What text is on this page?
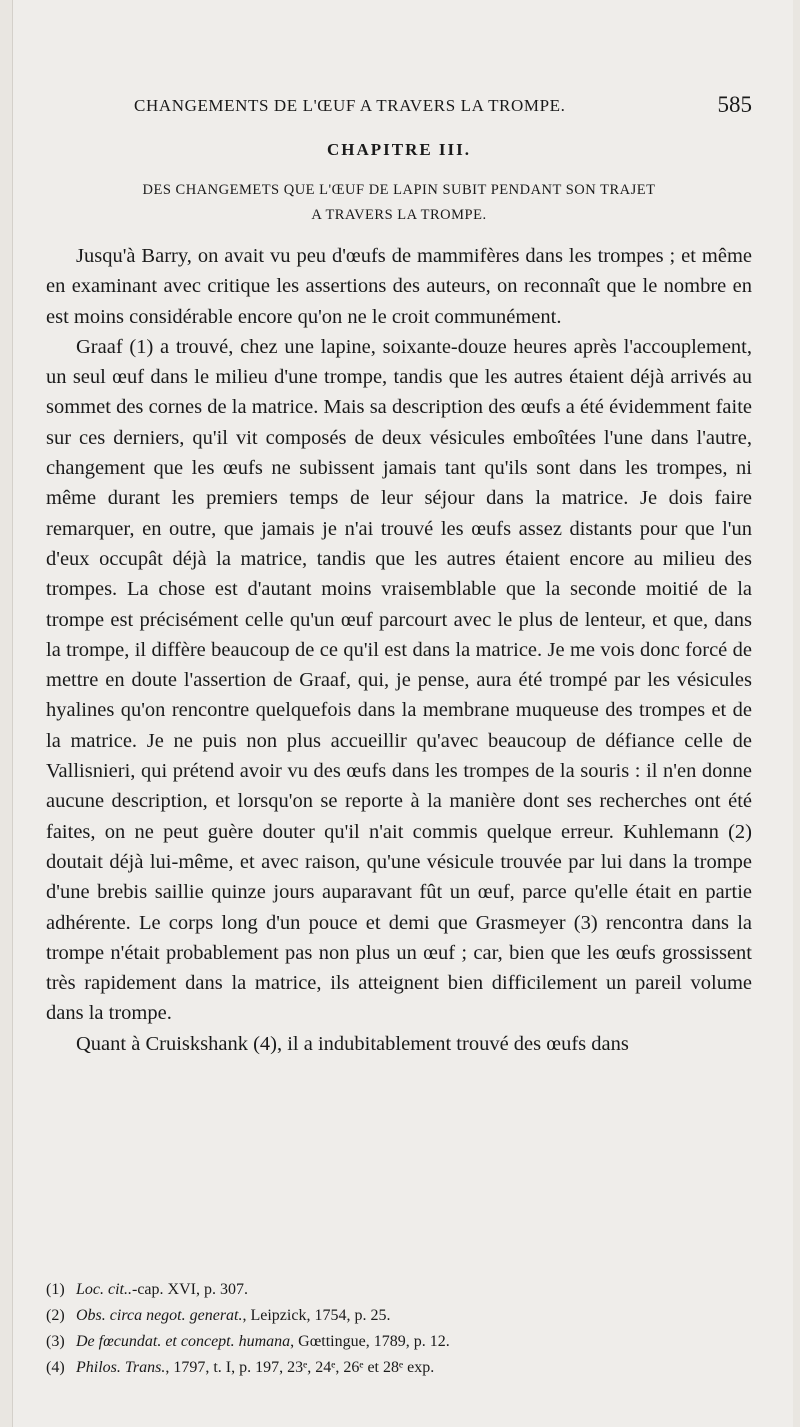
CHANGEMENTS DE L'ŒUF A TRAVERS LA TROMPE.	585
CHAPITRE III.
DES CHANGEMETS QUE L'ŒUF DE LAPIN SUBIT PENDANT SON TRAJET
A TRAVERS LA TROMPE.

Jusqu'à Barry, on avait vu peu d'œufs de mammifères dans les trompes ; et même en examinant avec critique les assertions des auteurs, on reconnaît que le nombre en est moins considérable encore qu'on ne le croit communément.

Graaf (1) a trouvé, chez une lapine, soixante-douze heures après l'accouplement, un seul œuf dans le milieu d'une trompe, tandis que les autres étaient déjà arrivés au sommet des cornes de la matrice. Mais sa description des œufs a été évidemment faite sur ces derniers, qu'il vit composés de deux vésicules emboîtées l'une dans l'autre, changement que les œufs ne subissent jamais tant qu'ils sont dans les trompes, ni même durant les premiers temps de leur séjour dans la matrice. Je dois faire remarquer, en outre, que jamais je n'ai trouvé les œufs assez distants pour que l'un d'eux occupât déjà la matrice, tandis que les autres étaient encore au milieu des trompes. La chose est d'autant moins vraisemblable que la seconde moitié de la trompe est précisément celle qu'un œuf parcourt avec le plus de lenteur, et que, dans la trompe, il diffère beaucoup de ce qu'il est dans la matrice. Je me vois donc forcé de mettre en doute l'assertion de Graaf, qui, je pense, aura été trompé par les vésicules hyalines qu'on rencontre quelquefois dans la membrane muqueuse des trompes et de la matrice. Je ne puis non plus accueillir qu'avec beaucoup de défiance celle de Vallisnieri, qui prétend avoir vu des œufs dans les trompes de la souris : il n'en donne aucune description, et lorsqu'on se reporte à la manière dont ses recherches ont été faites, on ne peut guère douter qu'il n'ait commis quelque erreur. Kuhlemann (2) doutait déjà lui-même, et avec raison, qu'une vésicule trouvée par lui dans la trompe d'une brebis saillie quinze jours auparavant fût un œuf, parce qu'elle était en partie adhérente. Le corps long d'un pouce et demi que Grasmeyer (3) rencontra dans la trompe n'était probablement pas non plus un œuf ; car, bien que les œufs grossissent très rapidement dans la matrice, ils atteignent bien difficilement un pareil volume dans la trompe.

Quant à Cruiskshank (4), il a indubitablement trouvé des œufs dans

(1) Loc. cit..-cap. XVI, p. 307.
(2) Obs. circa negot. generat., Leipzick, 1754, p. 25.
(3) De fœcundat. et concept. humana, Gœttingue, 1789, p. 12.
(4) Philos. Trans., 1797, t. I, p. 197, 23ᵉ, 24ᵉ, 26ᵉ et 28ᵉ exp.
